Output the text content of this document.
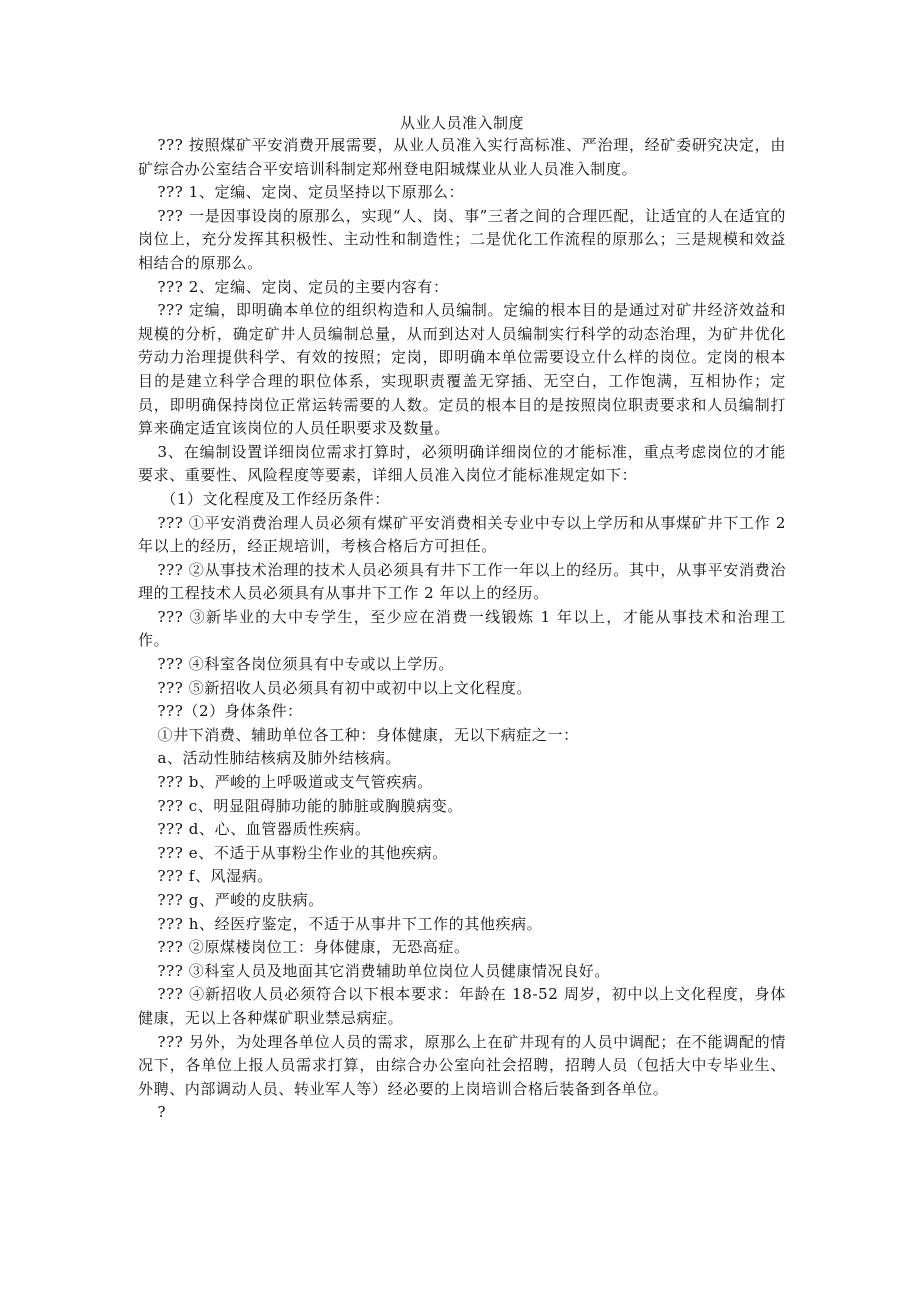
从业人员准入制度

??? 按照煤矿平安消费开展需要，从业人员准入实行高标准、严治理，经矿委研究决定，由矿综合办公室结合平安培训科制定郑州登电阳城煤业从业人员准入制度。

??? 1、定编、定岗、定员坚持以下原那么：

??? 一是因事设岗的原那么，实现“人、岗、事”三者之间的合理匹配，让适宜的人在适宜的岗位上，充分发挥其积极性、主动性和制造性；二是优化工作流程的原那么；三是规模和效益相结合的原那么。

??? 2、定编、定岗、定员的主要内容有：

??? 定编，即明确本单位的组织构造和人员编制。定编的根本目的是通过对矿井经济效益和规模的分析，确定矿井人员编制总量，从而到达对人员编制实行科学的动态治理，为矿井优化劳动力治理提供科学、有效的按照；定岗，即明确本单位需要设立什么样的岗位。定岗的根本目的是建立科学合理的职位体系，实现职责覆盖无穿插、无空白，工作饱满，互相协作；定员，即明确保持岗位正常运转需要的人数。定员的根本目的是按照岗位职责要求和人员编制打算来确定适宜该岗位的人员任职要求及数量。

3、在编制设置详细岗位需求打算时，必须明确详细岗位的才能标准，重点考虑岗位的才能要求、重要性、风险程度等要素，详细人员准入岗位才能标准规定如下：

（1）文化程度及工作经历条件：

??? ①平安消费治理人员必须有煤矿平安消费相关专业中专以上学历和从事煤矿井下工作 2 年以上的经历，经正规培训，考核合格后方可担任。

??? ②从事技术治理的技术人员必须具有井下工作一年以上的经历。其中，从事平安消费治理的工程技术人员必须具有从事井下工作 2 年以上的经历。

??? ③新毕业的大中专学生，至少应在消费一线锻炼 1 年以上，才能从事技术和治理工作。

??? ④科室各岗位须具有中专或以上学历。

??? ⑤新招收人员必须具有初中或初中以上文化程度。

???（2）身体条件：

①井下消费、辅助单位各工种：身体健康，无以下病症之一：

a、活动性肺结核病及肺外结核病。

??? b、严峻的上呼吸道或支气管疾病。

??? c、明显阻碍肺功能的肺脏或胸膜病变。

??? d、心、血管器质性疾病。

??? e、不适于从事粉尘作业的其他疾病。

??? f、风湿病。

??? g、严峻的皮肤病。

??? h、经医疗鉴定，不适于从事井下工作的其他疾病。

??? ②原煤楼岗位工：身体健康，无恐高症。

??? ③科室人员及地面其它消费辅助单位岗位人员健康情况良好。

??? ④新招收人员必须符合以下根本要求：年龄在 18-52 周岁，初中以上文化程度，身体健康，无以上各种煤矿职业禁忌病症。

??? 另外，为处理各单位人员的需求，原那么上在矿井现有的人员中调配；在不能调配的情况下，各单位上报人员需求打算，由综合办公室向社会招聘，招聘人员（包括大中专毕业生、外聘、内部调动人员、转业军人等）经必要的上岗培训合格后装备到各单位。

?
